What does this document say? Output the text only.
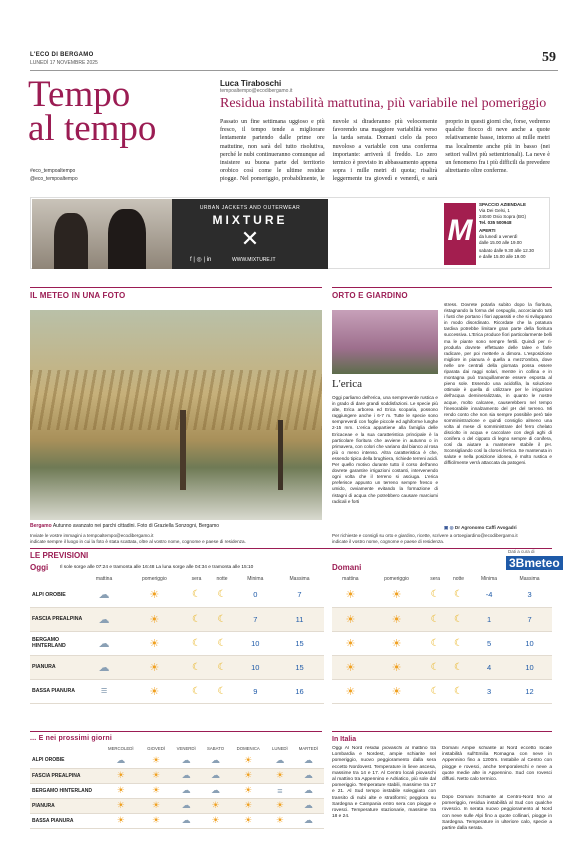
L'ECO DI BERGAMO
LUNEDÌ 17 NOVEMBRE 2025	59
Tempo
al tempo
#eco_tempoaltempo
@eco_tempoaltempo
Luca Tiraboschi
tempoaltempo@ecodibergamo.it
Residua instabilità mattutina, più variabile nel pomeriggio
Passato un fine settimana uggioso e più fresco, il tempo tende a migliorare lentamente partendo dalle prime ore mattutine, non sarà del tutto risolutiva, perché le nubi continueranno comunque ad insistere su buona parte del territorio orobico così come le ultime residue piogge. Nel pomeriggio, probabilmente, le nuvole si diraderanno più velocemente favorendo una maggiore variabilità verso la tarda serata. Domani cielo da poco nuvoloso a variabile con una conferma importante: arriverà il freddo. Lo zero termico è previsto in abbassamento appena sopra i mille metri di quota; risalirà leggermente tra giovedì e venerdì, e sarà proprio in questi giorni che, forse, vedremo qualche fiocco di neve anche a quote relativamente basse, intorno ai mille metri ma localmente anche più in basso (nei settori vallivi più settentrionali). La neve è un fenomeno fra i più difficili da prevedere altrettanto oltre conferme.
URBAN JACKETS AND OUTERWEAR
MIXTURE
✕
f | ◎ | in	WWW.MIXTURE.IT
M
PROJECT
SPACCIO AZIENDALE
Via Dei Gelsi, 1
24040 Osio Sopra (BG)
Tel. 035 500948
APERTI
da lunedì a venerdì
dalle 15.00 alle 19.00
sabato dalle 9.30 alle 12.30
e dalle 15.00 alle 19.00
IL METEO IN UNA FOTO
Bergamo Autunno avanzato nei parchi cittadini. Foto di Graziella Sonzogni, Bergamo
Inviate le vostre immagini a tempoaltempo@ecodibergamo.it
indicate sempre il luogo in cui la foto è stata scattata, oltre al vostro nome, cognome e paese di residenza.
ORTO E GIARDINO
L'erica
Oggi parliamo dell'erica, una sempreverde rustica e in grado di dare grandi soddisfazioni. Le specie più alte, Erica arborea ed Erica scoparia, possono raggiungere anche i 6-7 m. Tutte le specie sono sempreverdi con foglie piccole ed aghiforme lunghe 2-15 mm. L'erica appartiene alla famiglia delle Ericaceae e la sua caratteristica principale è la particolare fioritura che avviene in autunno o in primavera, con colori che variano dal bianco al rosa più o meno intenso. Altra caratteristica è che, essendo tipica della brughiera, richiede terreni acidi. Per quello motivo durante tutto il corso dell'anno dovrete garantire irrigazioni costanti, intervenendo ogni volta che il terreno si asciuga. L'erica preferisce appunto un terreno sempre fresco e umido, ovviamente evitando la formazione di ristagni di acqua che potrebbero causare marciumi radicali e forti
stress. Dovrete potarla subito dopo la fioritura, ristagnando la forma del cespuglio, accorciando tutti i fusti che portano i fiori appassiti e che si sviluppano in modo disordinato. Ricordate che la potatura tardiva potrebbe limitare gran parte della fioritura successiva. L'Erica produce fiori particolarmente belli ma le piante sono sempre fertili. Quindi per ri-produrla dovrete effettuate delle talee e farle radicare, per poi metterle a dimora. L'esposizione migliore in pianura è quella a mezz'ombra, dove nelle ore centrali della giornata possa essere riparata dai raggi solari, mentre in collina e in montagna può tranquillamente essere esposta al pieno sole. Essendo una acidofila, la soluzione ottimale è quella di utilizzare per le irrigazioni dell'acqua demineralizzata, in quanto le nostre acque, molto calcaree, causerebbero nel tempo l'inesorabile innalzamento del pH del terreno. Mi rendo conto che non sia sempre possibile però tale somministrazione e quindi consiglio almeno una volta al mese di somministrare del ferro chelato disciolto in acqua e caccolare con degli aghi di conifera o del cippato di legno sempre di conifera, così da aiutare a mantenere stabile il pH. Sconsigliando così la clorosi ferrica. Se mantenuta in salute e nella posizione idonea, è molto rustica e difficilmente verrà attaccata da patogeni.
▣ ◎ Dr Agronomo Caffi Avogadri
Per richieste e consigli su orto e giardino, ricette, scrivere a ortoegiardino@ecodibergamo.it
indicate il vostro nome, cognome e paese di residenza.
LE PREVISIONI	Dati a cura di
3Bmeteo
Oggi Il sole sorge alle 07:24 e tramonta alle 16:48 La luna sorge alle 04:34 e tramonta alle 15:10	Domani
	mattina	pomeriggio	sera	notte	Minima	Massima
ALPI OROBIE	☁	☀	☾	☾	0	7
FASCIA PREALPINA	☁	☀	☾	☾	7	11
BERGAMO HINTERLAND	☁	☀	☾	☾	10	15
PIANURA	☁	☀	☾	☾	10	15
BASSA PIANURA	≡	☀	☾	☾	9	16
mattina	pomeriggio	sera	notte	Minima	Massima
☀	☀	☾	☾	-4	3
☀	☀	☾	☾	1	7
☀	☀	☾	☾	5	10
☀	☀	☾	☾	4	10
☀	☀	☾	☾	3	12
... E nei prossimi giorni
	MERCOLEDÌ	GIOVEDÌ	VENERDÌ	SABATO	DOMENICA	LUNEDÌ	MARTEDÌ
ALPI OROBIE	☁	☀	☁	☁	☀	☁	☁
FASCIA PREALPINA	☀	☀	☁	☁	☀	☀	☁
BERGAMO HINTERLAND	☀	☀	☁	☁	☀	≡	☁
PIANURA	☀	☀	☁	☀	☀	☀	☁
BASSA PIANURA	☀	☀	☁	☀	☀	☀	☁
In Italia
Oggi Al Nord residui piovaschi al mattino tra Lombardia e Nordest, ampie schiarite nel pomeriggio, nuovo peggioramento dalla sera eccetto Nordovest. Temperature in lieve ascesa, massime tra 14 e 17. Al Centro locali piovaschi al mattino tra Appennino e Adriatico, più sole dal pomeriggio. Temperature stabili, massime tra 17 e 21. Al Sud tempo instabile soleggiato con transito di nubi alte e stratiformi; peggiora su Sardegna e Campania entro sera con piogge e rovesci. Temperature stazionarie, massime tra 18 e 24.
Domani Ampie schiarite al Nord eccetto locale instabilità sull'Emilia Romagna con neve in Appennino fino a 1200m. Instabile al Centro con piogge e rovesci, anche temporaleschi e neve a quote medie alte in Appennino. Sud con rovesci diffusi. Netto calo termico.
Dopo Domani Schiarite al Centro-Nord fino al pomeriggio, residua instabilità al Sud con qualche rovescio. In serata nuovo peggioramento al Nord con neve sulle Alpi fino a quote collinari, piogge in Sardegna. Temperature in ulteriore calo, specie a partire dalla serata.
